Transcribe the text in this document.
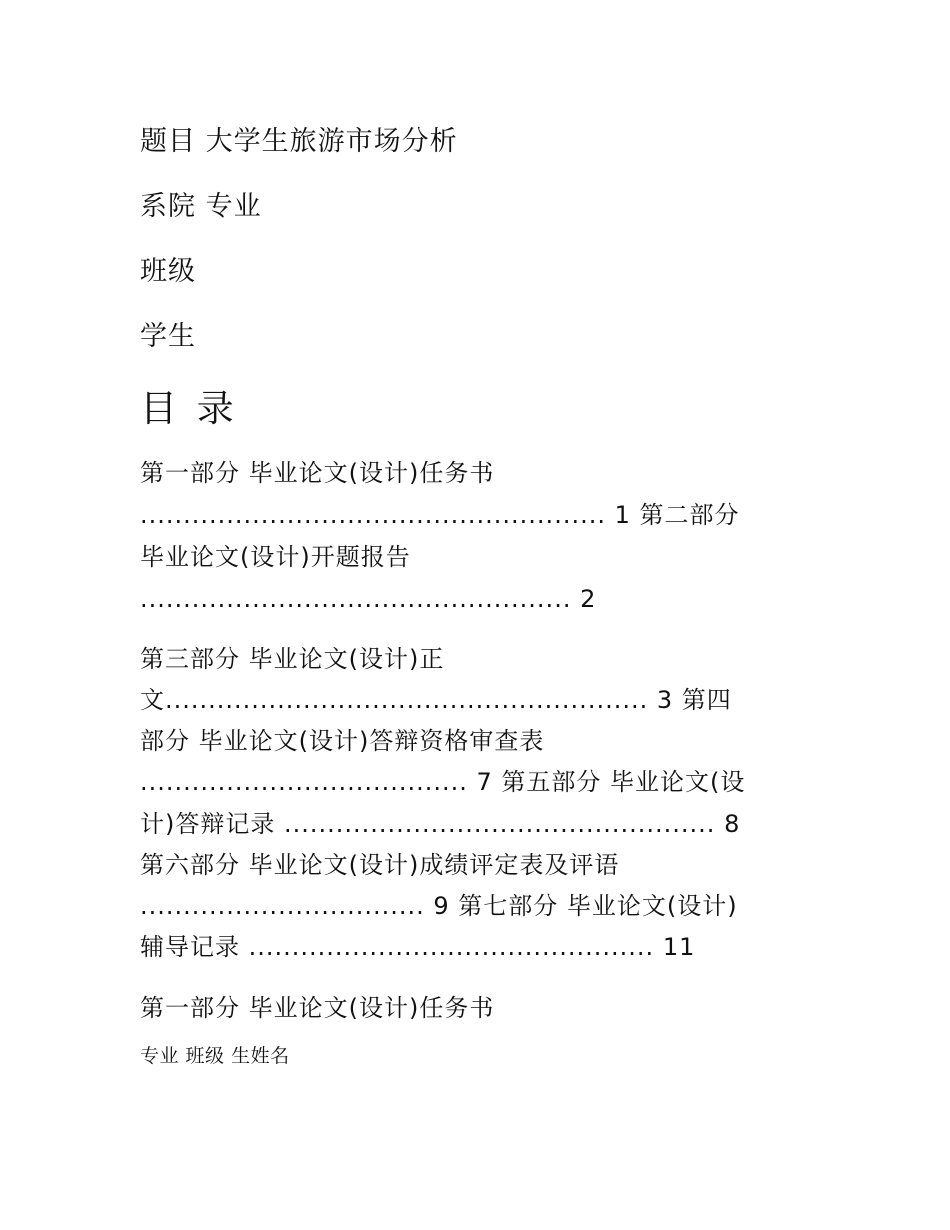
题目 大学生旅游市场分析
系院 专业
班级
学生
目 录
第一部分 毕业论文(设计)任务书
...................................................... 1 第二部分
毕业论文(设计)开题报告
.................................................. 2
第三部分 毕业论文(设计)正
文........................................................ 3 第四
部分 毕业论文(设计)答辩资格审查表
...................................... 7 第五部分 毕业论文(设
计)答辩记录 .................................................. 8
第六部分 毕业论文(设计)成绩评定表及评语
................................. 9 第七部分 毕业论文(设计)
辅导记录 ............................................... 11
第一部分 毕业论文(设计)任务书
专业 班级 生姓名
